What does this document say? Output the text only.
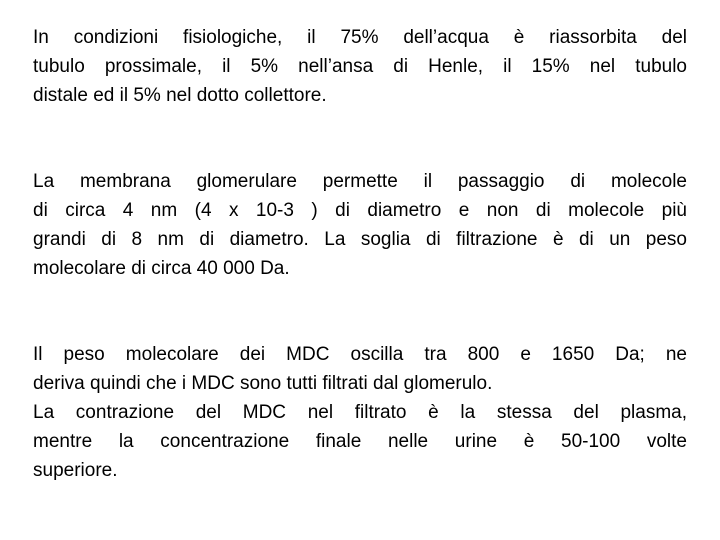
In condizioni fisiologiche, il 75% dell’acqua è riassorbita del
tubulo prossimale, il 5% nell’ansa di Henle, il 15% nel tubulo
distale ed il 5% nel dotto collettore.

La membrana glomerulare permette il passaggio di molecole
di circa 4 nm (4 x 10-3 ) di diametro e non di molecole più
grandi di 8 nm di diametro. La soglia di filtrazione è di un peso
molecolare di circa 40 000 Da.

Il peso molecolare dei MDC oscilla tra 800 e 1650 Da; ne
deriva quindi che i MDC sono tutti filtrati dal glomerulo.
La contrazione del MDC nel filtrato è la stessa del plasma,
mentre la concentrazione finale nelle urine è 50-100 volte
superiore.
